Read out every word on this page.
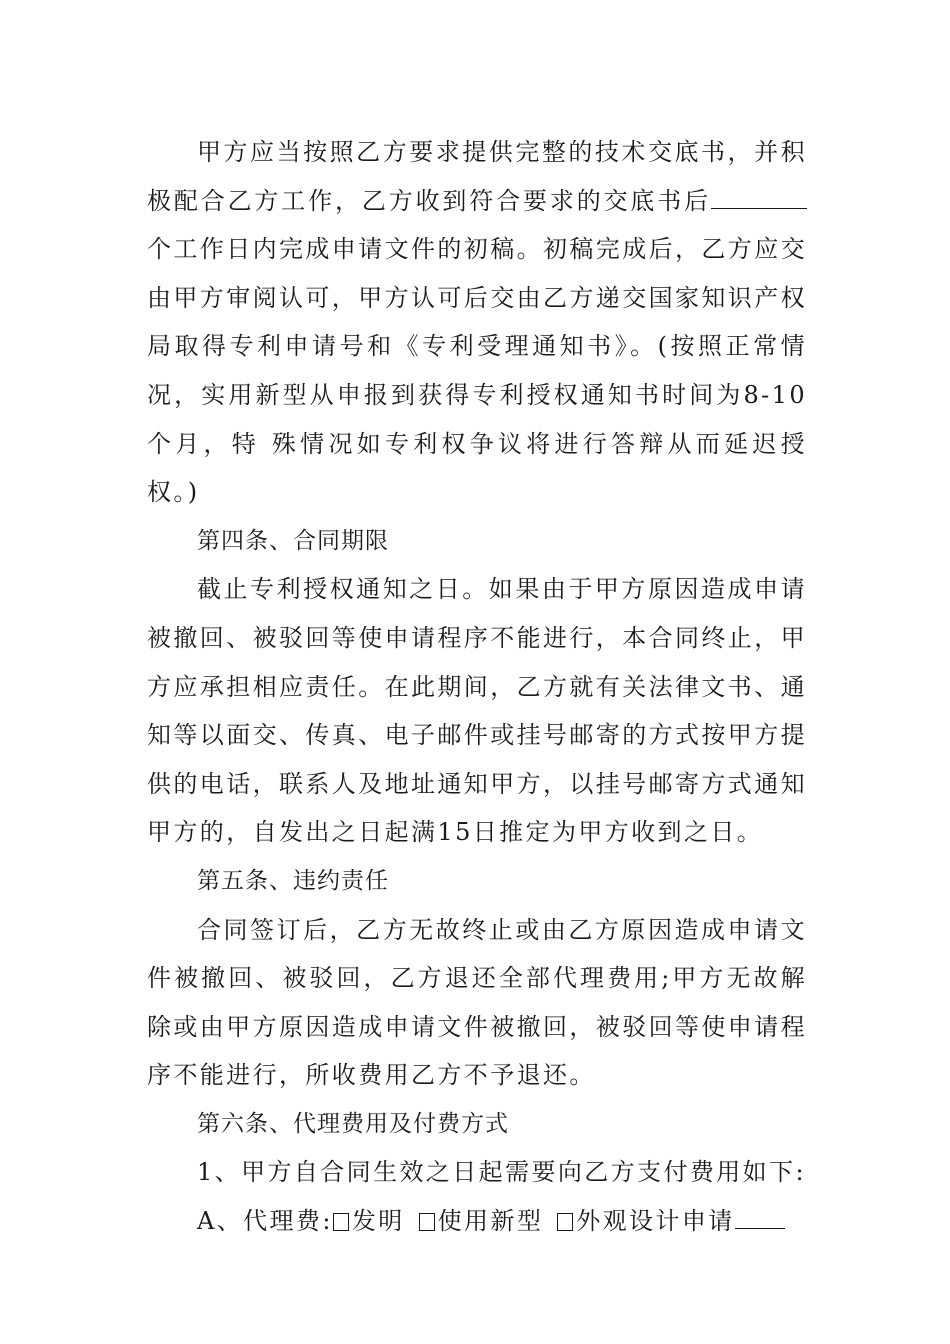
甲方应当按照乙方要求提供完整的技术交底书，并积极配合乙方工作，乙方收到符合要求的交底书后个工作日内完成申请文件的初稿。初稿完成后，乙方应交由甲方审阅认可，甲方认可后交由乙方递交国家知识产权局取得专利申请号和《专利受理通知书》。(按照正常情况，实用新型从申报到获得专利授权通知书时间为8-10个月，特 殊情况如专利权争议将进行答辩从而延迟授权。)

第四条、合同期限

截止专利授权通知之日。如果由于甲方原因造成申请被撤回、被驳回等使申请程序不能进行，本合同终止，甲方应承担相应责任。在此期间，乙方就有关法律文书、通知等以面交、传真、电子邮件或挂号邮寄的方式按甲方提供的电话，联系人及地址通知甲方，以挂号邮寄方式通知甲方的，自发出之日起满15日推定为甲方收到之日。

第五条、违约责任

合同签订后，乙方无故终止或由乙方原因造成申请文件被撤回、被驳回，乙方退还全部代理费用;甲方无故解除或由甲方原因造成申请文件被撤回，被驳回等使申请程序不能进行，所收费用乙方不予退还。

第六条、代理费用及付费方式

1、甲方自合同生效之日起需要向乙方支付费用如下:

A、代理费: 发明 使用新型 外观设计申请
